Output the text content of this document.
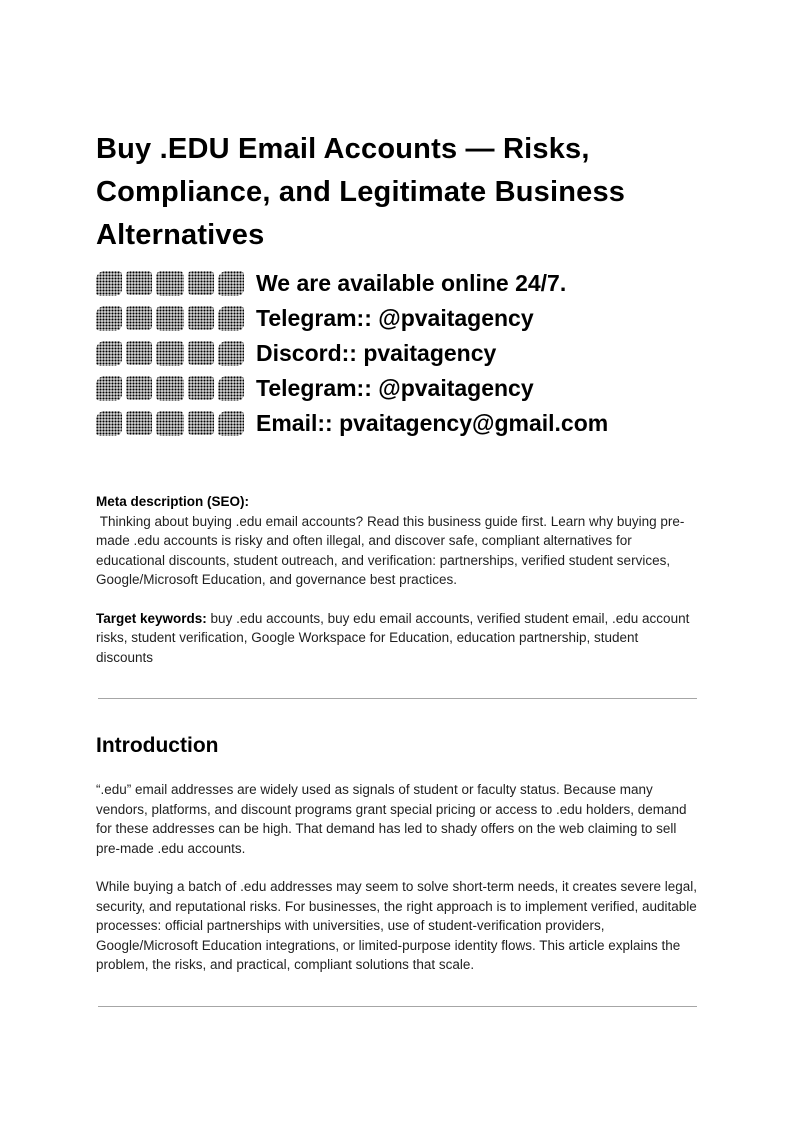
Buy .EDU Email Accounts — Risks, Compliance, and Legitimate Business Alternatives
We are available online 24/7.
Telegram:: @pvaitagency
Discord:: pvaitagency
Telegram:: @pvaitagency
Email:: pvaitagency@gmail.com

Meta description (SEO):
Thinking about buying .edu email accounts? Read this business guide first. Learn why buying pre-made .edu accounts is risky and often illegal, and discover safe, compliant alternatives for educational discounts, student outreach, and verification: partnerships, verified student services, Google/Microsoft Education, and governance best practices.

Target keywords: buy .edu accounts, buy edu email accounts, verified student email, .edu account risks, student verification, Google Workspace for Education, education partnership, student discounts

Introduction

“.edu” email addresses are widely used as signals of student or faculty status. Because many vendors, platforms, and discount programs grant special pricing or access to .edu holders, demand for these addresses can be high. That demand has led to shady offers on the web claiming to sell pre-made .edu accounts.

While buying a batch of .edu addresses may seem to solve short-term needs, it creates severe legal, security, and reputational risks. For businesses, the right approach is to implement verified, auditable processes: official partnerships with universities, use of student-verification providers, Google/Microsoft Education integrations, or limited-purpose identity flows. This article explains the problem, the risks, and practical, compliant solutions that scale.
